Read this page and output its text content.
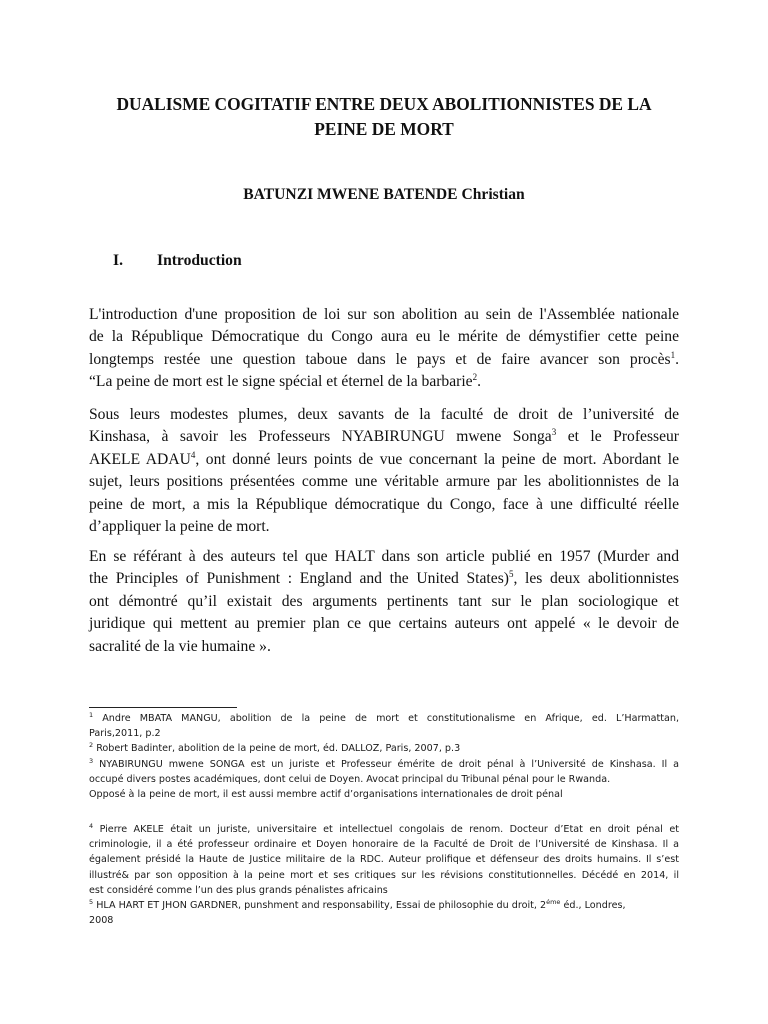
DUALISME COGITATIF ENTRE DEUX ABOLITIONNISTES DE LA
PEINE DE MORT
BATUNZI MWENE BATENDE Christian
I. Introduction
L'introduction d'une proposition de loi sur son abolition au sein de l'Assemblée nationale
de la République Démocratique du Congo aura eu le mérite de démystifier cette peine
longtemps restée une question taboue dans le pays et de faire avancer son procès$^1$.
“La peine de mort est le signe spécial et éternel de la barbarie$^2$.
Sous leurs modestes plumes, deux savants de la faculté de droit de l’université de
Kinshasa, à savoir les Professeurs NYABIRUNGU mwene Songa$^3$ et le Professeur
AKELE ADAU$^4$, ont donné leurs points de vue concernant la peine de mort. Abordant le
sujet, leurs positions présentées comme une véritable armure par les abolitionnistes de la
peine de mort, a mis la République démocratique du Congo, face à une difficulté réelle
d’appliquer la peine de mort.
En se référant à des auteurs tel que HALT dans son article publié en 1957 (Murder and
the Principles of Punishment : England and the United States)$^5$, les deux abolitionnistes
ont démontré qu’il existait des arguments pertinents tant sur le plan sociologique et
juridique qui mettent au premier plan ce que certains auteurs ont appelé « le devoir de
sacralité de la vie humaine ».
$^1$ Andre MBATA MANGU, abolition de la peine de mort et constitutionalisme en Afrique, ed. L’Harmattan,
Paris,2011, p.2
$^2$ Robert Badinter, abolition de la peine de mort, éd. DALLOZ, Paris, 2007, p.3
$^3$ NYABIRUNGU mwene SONGA est un juriste et Professeur émérite de droit pénal à l’Université de Kinshasa. Il a
occupé divers postes académiques, dont celui de Doyen. Avocat principal du Tribunal pénal pour le Rwanda.
Opposé à la peine de mort, il est aussi membre actif d’organisations internationales de droit pénal
$^4$ Pierre AKELE était un juriste, universitaire et intellectuel congolais de renom. Docteur d’Etat en droit pénal et
criminologie, il a été professeur ordinaire et Doyen honoraire de la Faculté de Droit de l’Université de Kinshasa. Il a
également présidé la Haute de Justice militaire de la RDC. Auteur prolifique et défenseur des droits humains. Il s’est
illustré& par son opposition à la peine mort et ses critiques sur les révisions constitutionnelles. Décédé en 2014, il
est considéré comme l’un des plus grands pénalistes africains
$^5$ HLA HART ET JHON GARDNER, punshment and responsability, Essai de philosophie du droit, $2^{éme}$ éd., Londres,
2008
